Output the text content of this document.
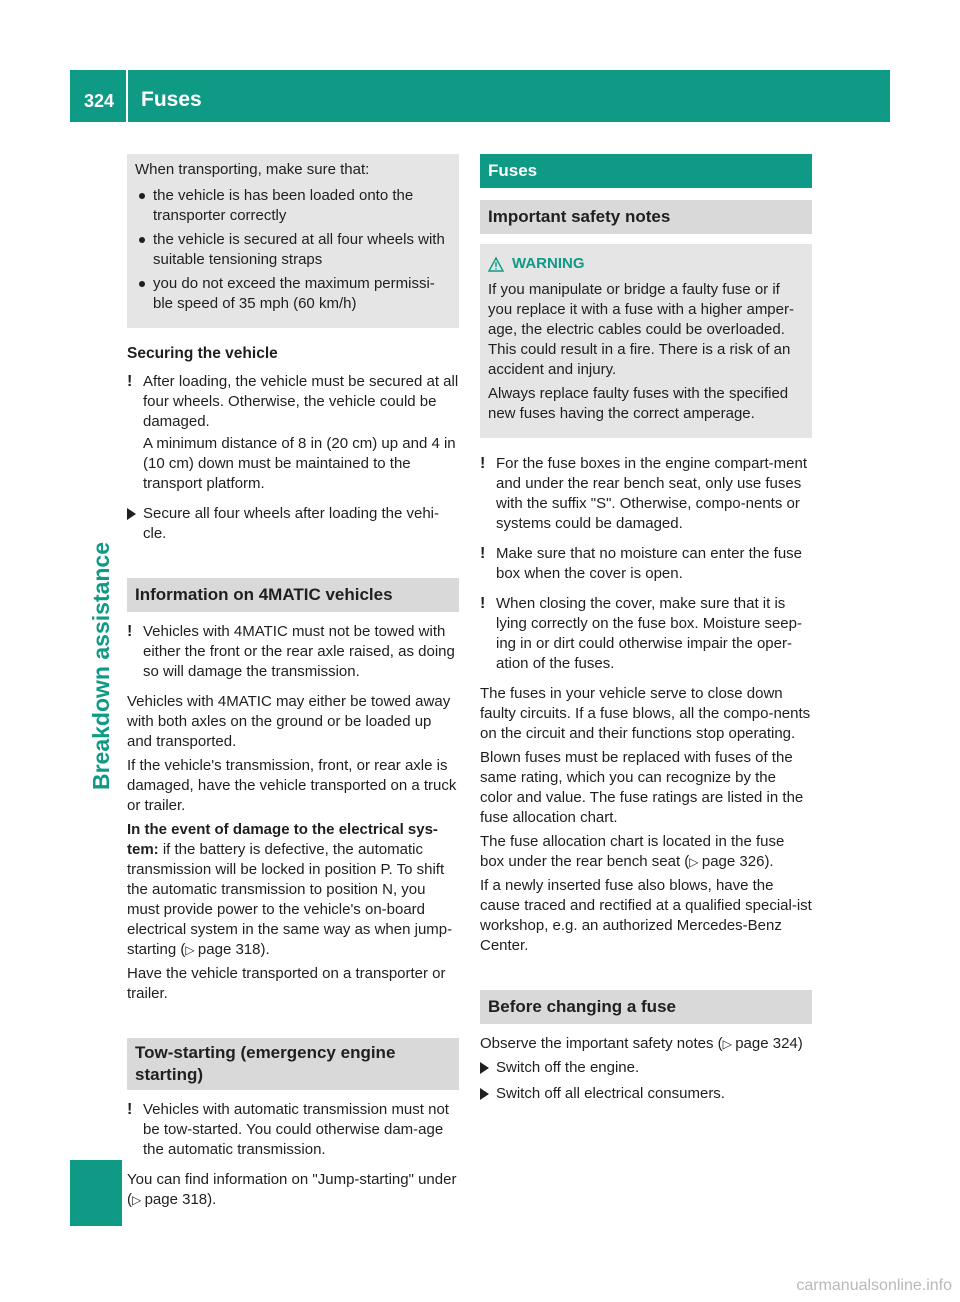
324 Fuses
Breakdown assistance

When transporting, make sure that:

the vehicle is has been loaded onto the transporter correctly
the vehicle is secured at all four wheels with suitable tensioning straps
you do not exceed the maximum permissi-ble speed of 35 mph (60 km/h)
Securing the vehicle
! After loading, the vehicle must be secured at all four wheels. Otherwise, the vehicle could be damaged.

A minimum distance of 8 in (20 cm) up and 4 in (10 cm) down must be maintained to the transport platform.

Secure all four wheels after loading the vehi-cle.
Information on 4MATIC vehicles
! Vehicles with 4MATIC must not be towed with either the front or the rear axle raised, as doing so will damage the transmission.

Vehicles with 4MATIC may either be towed away with both axles on the ground or be loaded up and transported.

If the vehicle's transmission, front, or rear axle is damaged, have the vehicle transported on a truck or trailer.

In the event of damage to the electrical sys-tem: if the battery is defective, the automatic transmission will be locked in position P. To shift the automatic transmission to position N, you must provide power to the vehicle's on-board electrical system in the same way as when jump-starting (▷ page 318).

Have the vehicle transported on a transporter or trailer.

Tow-starting (emergency engine starting)
! Vehicles with automatic transmission must not be tow-started. You could otherwise dam-age the automatic transmission.

You can find information on "Jump-starting" under (▷ page 318).

Fuses
Important safety notes
WARNING

If you manipulate or bridge a faulty fuse or if you replace it with a fuse with a higher amper-age, the electric cables could be overloaded. This could result in a fire. There is a risk of an accident and injury.

Always replace faulty fuses with the specified new fuses having the correct amperage.

! For the fuse boxes in the engine compart-ment and under the rear bench seat, only use fuses with the suffix "S". Otherwise, compo-nents or systems could be damaged.

! Make sure that no moisture can enter the fuse box when the cover is open.

! When closing the cover, make sure that it is lying correctly on the fuse box. Moisture seep-ing in or dirt could otherwise impair the oper-ation of the fuses.

The fuses in your vehicle serve to close down faulty circuits. If a fuse blows, all the compo-nents on the circuit and their functions stop operating.

Blown fuses must be replaced with fuses of the same rating, which you can recognize by the color and value. The fuse ratings are listed in the fuse allocation chart.

The fuse allocation chart is located in the fuse box under the rear bench seat (▷ page 326).

If a newly inserted fuse also blows, have the cause traced and rectified at a qualified special-ist workshop, e.g. an authorized Mercedes-Benz Center.

Before changing a fuse

Observe the important safety notes (▷ page 324)

Switch off the engine.
Switch off all electrical consumers.
carmanualsonline.info
